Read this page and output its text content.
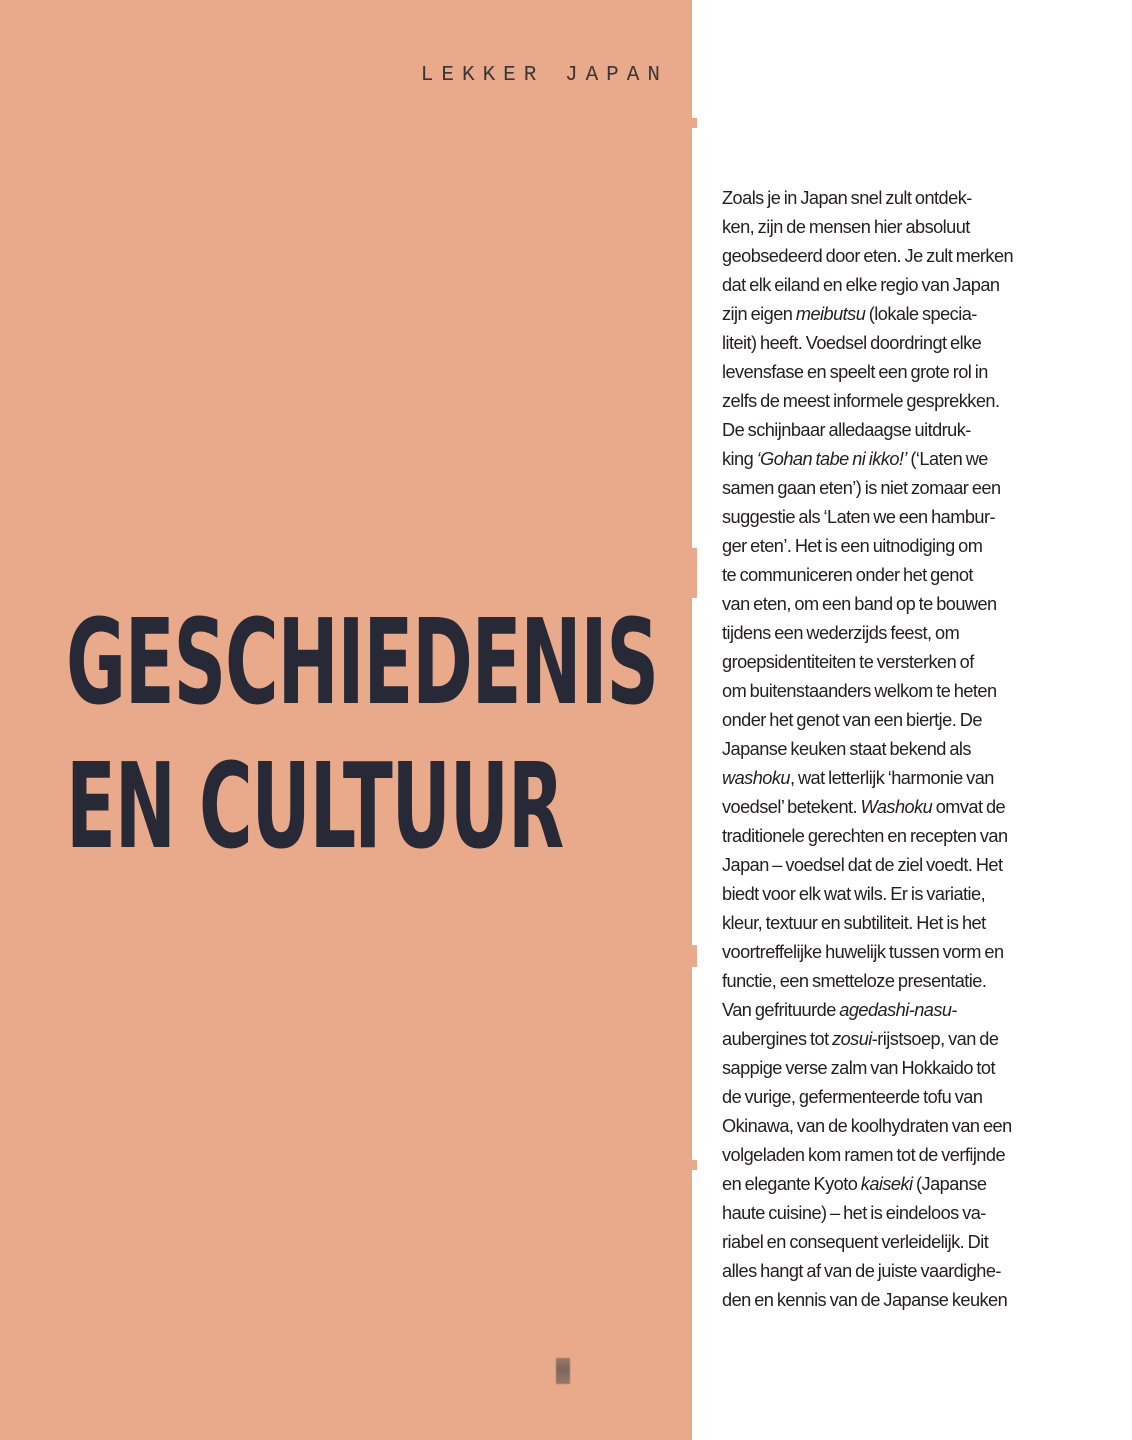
LEKKER JAPAN
GESCHIEDENIS
EN CULTUUR

Zoals je in Japan snel zult ontdek-
ken, zijn de mensen hier absoluut
geobsedeerd door eten. Je zult merken
dat elk eiland en elke regio van Japan
zijn eigen meibutsu (lokale specia-
liteit) heeft. Voedsel doordringt elke
levensfase en speelt een grote rol in
zelfs de meest informele gesprekken.
De schijnbaar alledaagse uitdruk-
king ‘Gohan tabe ni ikko!’ (‘Laten we
samen gaan eten’) is niet zomaar een
suggestie als ‘Laten we een hambur-
ger eten’. Het is een uitnodiging om
te communiceren onder het genot
van eten, om een band op te bouwen
tijdens een wederzijds feest, om
groepsidentiteiten te versterken of
om buitenstaanders welkom te heten
onder het genot van een biertje. De
Japanse keuken staat bekend als
washoku, wat letterlijk ‘harmonie van
voedsel’ betekent. Washoku omvat de
traditionele gerechten en recepten van
Japan – voedsel dat de ziel voedt. Het
biedt voor elk wat wils. Er is variatie,
kleur, textuur en subtiliteit. Het is het
voortreffelijke huwelijk tussen vorm en
functie, een smetteloze presentatie.
Van gefrituurde agedashi-nasu-
aubergines tot zosui-rijstsoep, van de
sappige verse zalm van Hokkaido tot
de vurige, gefermenteerde tofu van
Okinawa, van de koolhydraten van een
volgeladen kom ramen tot de verfijnde
en elegante Kyoto kaiseki (Japanse
haute cuisine) – het is eindeloos va-
riabel en consequent verleidelijk. Dit
alles hangt af van de juiste vaardighe-
den en kennis van de Japanse keuken
